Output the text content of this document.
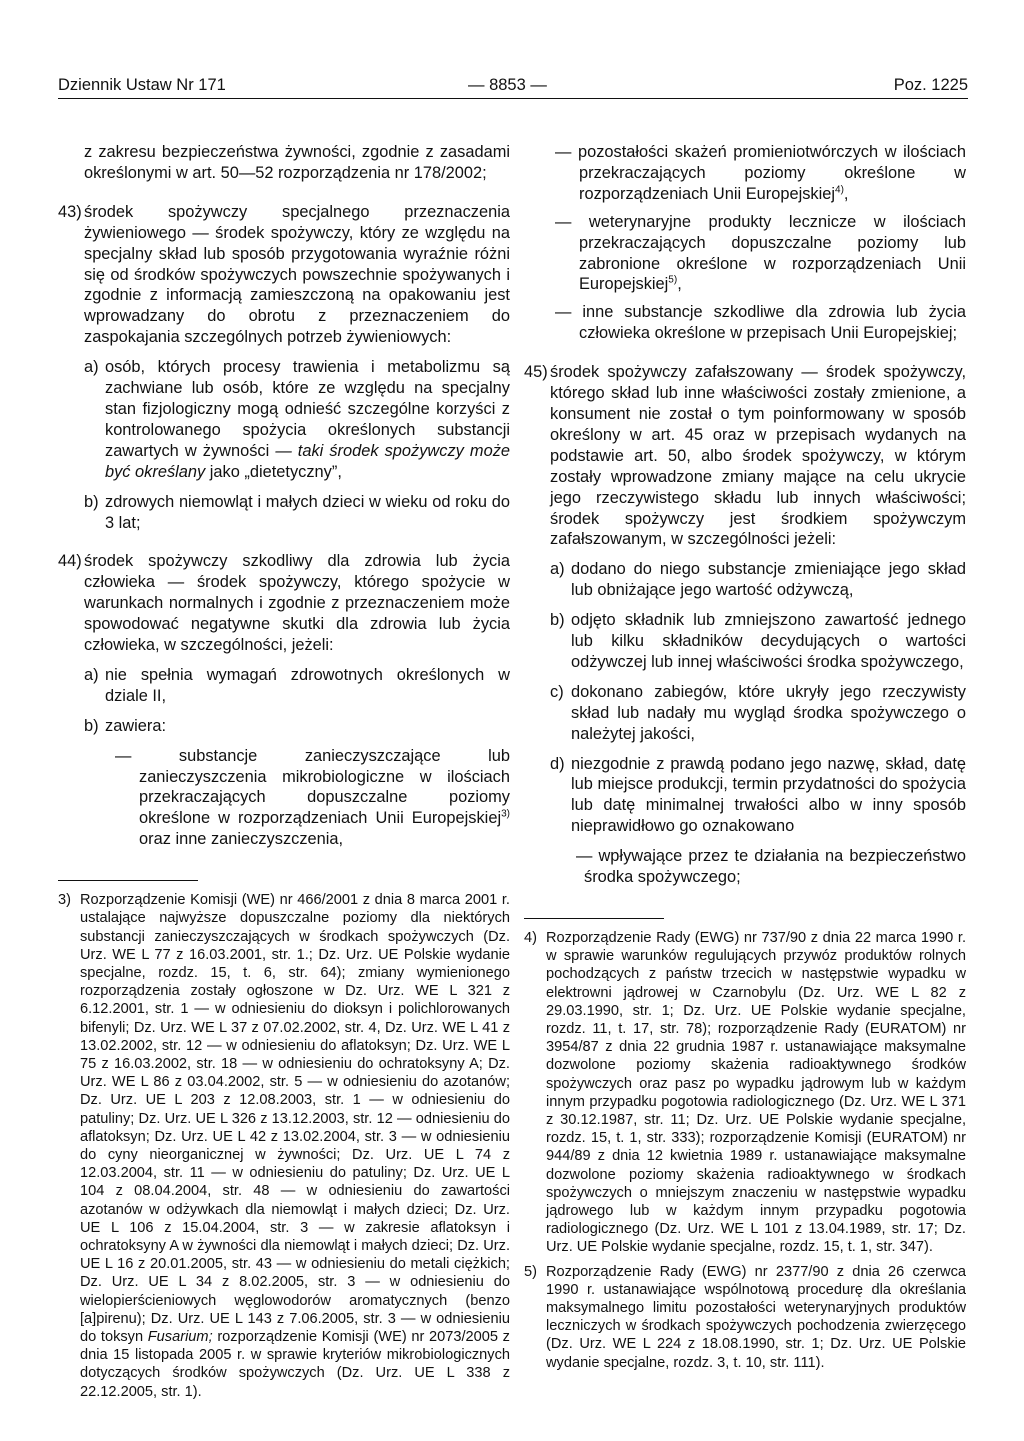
Dziennik Ustaw Nr 171	— 8853 —	Poz. 1225

z zakresu bezpieczeństwa żywności, zgodnie z zasadami określonymi w art. 50—52 rozporządzenia nr 178/2002;

43) środek spożywczy specjalnego przeznaczenia żywieniowego — środek spożywczy, który ze względu na specjalny skład lub sposób przygotowania wyraźnie różni się od środków spożywczych powszechnie spożywanych i zgodnie z informacją zamieszczoną na opakowaniu jest wprowadzany do obrotu z przeznaczeniem do zaspokajania szczególnych potrzeb żywieniowych:

a) osób, których procesy trawienia i metabolizmu są zachwiane lub osób, które ze względu na specjalny stan fizjologiczny mogą odnieść szczególne korzyści z kontrolowanego spożycia określonych substancji zawartych w żywności — taki środek spożywczy może być określany jako „dietetyczny”,

b) zdrowych niemowląt i małych dzieci w wieku od roku do 3 lat;

44) środek spożywczy szkodliwy dla zdrowia lub życia człowieka — środek spożywczy, którego spożycie w warunkach normalnych i zgodnie z przeznaczeniem może spowodować negatywne skutki dla zdrowia lub życia człowieka, w szczególności, jeżeli:

a) nie spełnia wymagań zdrowotnych określonych w dziale II,

b) zawiera:

— substancje zanieczyszczające lub zanieczyszczenia mikrobiologiczne w ilościach przekraczających dopuszczalne poziomy określone w rozporządzeniach Unii Europejskiej$^{3)}$ oraz inne zanieczyszczenia,

3) Rozporządzenie Komisji (WE) nr 466/2001 z dnia 8 marca 2001 r. ustalające najwyższe dopuszczalne poziomy dla niektórych substancji zanieczyszczających w środkach spożywczych (Dz. Urz. WE L 77 z 16.03.2001, str. 1.; Dz. Urz. UE Polskie wydanie specjalne, rozdz. 15, t. 6, str. 64); zmiany wymienionego rozporządzenia zostały ogłoszone w Dz. Urz. WE L 321 z 6.12.2001, str. 1 — w odniesieniu do dioksyn i polichlorowanych bifenyli; Dz. Urz. WE L 37 z 07.02.2002, str. 4, Dz. Urz. WE L 41 z 13.02.2002, str. 12 — w odniesieniu do aflatoksyn; Dz. Urz. WE L 75 z 16.03.2002, str. 18 — w odniesieniu do ochratoksyny A; Dz. Urz. WE L 86 z 03.04.2002, str. 5 — w odniesieniu do azotanów; Dz. Urz. UE L 203 z 12.08.2003, str. 1 — w odniesieniu do patuliny; Dz. Urz. UE L 326 z 13.12.2003, str. 12 — odniesieniu do aflatoksyn; Dz. Urz. UE L 42 z 13.02.2004, str. 3 — w odniesieniu do cyny nieorganicznej w żywności; Dz. Urz. UE L 74 z 12.03.2004, str. 11 — w odniesieniu do patuliny; Dz. Urz. UE L 104 z 08.04.2004, str. 48 — w odniesieniu do zawartości azotanów w odżywkach dla niemowląt i małych dzieci; Dz. Urz. UE L 106 z 15.04.2004, str. 3 — w zakresie aflatoksyn i ochratoksyny A w żywności dla niemowląt i małych dzieci; Dz. Urz. UE L 16 z 20.01.2005, str. 43 — w odniesieniu do metali ciężkich; Dz. Urz. UE L 34 z 8.02.2005, str. 3 — w odniesieniu do wielopierścieniowych węglowodorów aromatycznych (benzo [a]pirenu); Dz. Urz. UE L 143 z 7.06.2005, str. 3 — w odniesieniu do toksyn Fusarium; rozporządzenie Komisji (WE) nr 2073/2005 z dnia 15 listopada 2005 r. w sprawie kryteriów mikrobiologicznych dotyczących środków spożywczych (Dz. Urz. UE L 338 z 22.12.2005, str. 1).

— pozostałości skażeń promieniotwórczych w ilościach przekraczających poziomy określone w rozporządzeniach Unii Europejskiej$^{4)}$,

— weterynaryjne produkty lecznicze w ilościach przekraczających dopuszczalne poziomy lub zabronione określone w rozporządzeniach Unii Europejskiej$^{5)}$,

— inne substancje szkodliwe dla zdrowia lub życia człowieka określone w przepisach Unii Europejskiej;

45) środek spożywczy zafałszowany — środek spożywczy, którego skład lub inne właściwości zostały zmienione, a konsument nie został o tym poinformowany w sposób określony w art. 45 oraz w przepisach wydanych na podstawie art. 50, albo środek spożywczy, w którym zostały wprowadzone zmiany mające na celu ukrycie jego rzeczywistego składu lub innych właściwości; środek spożywczy jest środkiem spożywczym zafałszowanym, w szczególności jeżeli:

a) dodano do niego substancje zmieniające jego skład lub obniżające jego wartość odżywczą,

b) odjęto składnik lub zmniejszono zawartość jednego lub kilku składników decydujących o wartości odżywczej lub innej właściwości środka spożywczego,

c) dokonano zabiegów, które ukryły jego rzeczywisty skład lub nadały mu wygląd środka spożywczego o należytej jakości,

d) niezgodnie z prawdą podano jego nazwę, skład, datę lub miejsce produkcji, termin przydatności do spożycia lub datę minimalnej trwałości albo w inny sposób nieprawidłowo go oznakowano

— wpływające przez te działania na bezpieczeństwo środka spożywczego;

4) Rozporządzenie Rady (EWG) nr 737/90 z dnia 22 marca 1990 r. w sprawie warunków regulujących przywóz produktów rolnych pochodzących z państw trzecich w następstwie wypadku w elektrowni jądrowej w Czarnobylu (Dz. Urz. WE L 82 z 29.03.1990, str. 1; Dz. Urz. UE Polskie wydanie specjalne, rozdz. 11, t. 17, str. 78); rozporządzenie Rady (EURATOM) nr 3954/87 z dnia 22 grudnia 1987 r. ustanawiające maksymalne dozwolone poziomy skażenia radioaktywnego środków spożywczych oraz pasz po wypadku jądrowym lub w każdym innym przypadku pogotowia radiologicznego (Dz. Urz. WE L 371 z 30.12.1987, str. 11; Dz. Urz. UE Polskie wydanie specjalne, rozdz. 15, t. 1, str. 333); rozporządzenie Komisji (EURATOM) nr 944/89 z dnia 12 kwietnia 1989 r. ustanawiające maksymalne dozwolone poziomy skażenia radioaktywnego w środkach spożywczych o mniejszym znaczeniu w następstwie wypadku jądrowego lub w każdym innym przypadku pogotowia radiologicznego (Dz. Urz. WE L 101 z 13.04.1989, str. 17; Dz. Urz. UE Polskie wydanie specjalne, rozdz. 15, t. 1, str. 347).

5) Rozporządzenie Rady (EWG) nr 2377/90 z dnia 26 czerwca 1990 r. ustanawiające wspólnotową procedurę dla określania maksymalnego limitu pozostałości weterynaryjnych produktów leczniczych w środkach spożywczych pochodzenia zwierzęcego (Dz. Urz. WE L 224 z 18.08.1990, str. 1; Dz. Urz. UE Polskie wydanie specjalne, rozdz. 3, t. 10, str. 111).
